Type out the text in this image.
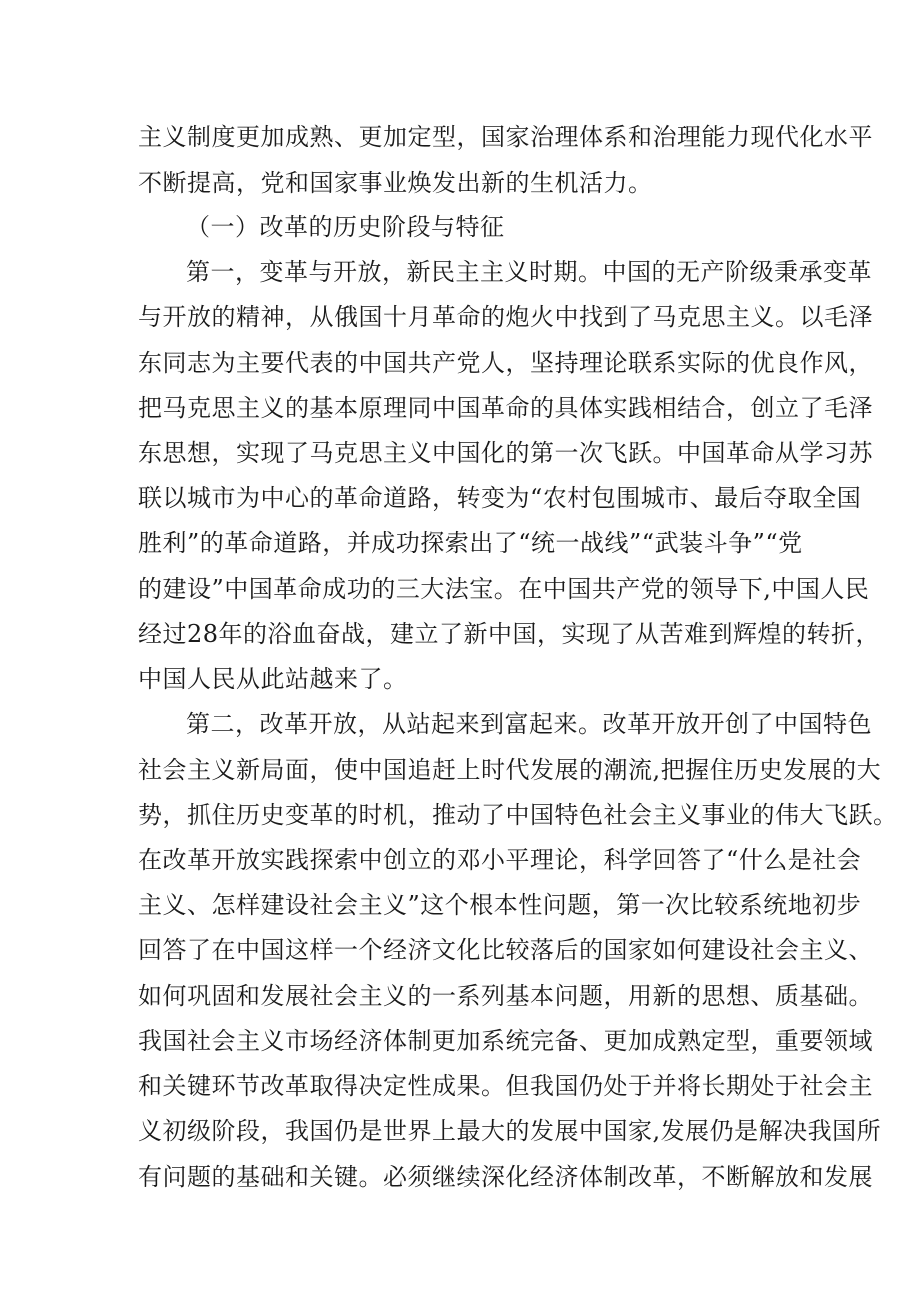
主义制度更加成熟、更加定型，国家治理体系和治理能力现代化水平
不断提高，党和国家事业焕发出新的生机活力。
（一）改革的历史阶段与特征
第一，变革与开放，新民主主义时期。中国的无产阶级秉承变革
与开放的精神，从俄国十月革命的炮火中找到了马克思主义。以毛泽
东同志为主要代表的中国共产党人，坚持理论联系实际的优良作风，
把马克思主义的基本原理同中国革命的具体实践相结合，创立了毛泽
东思想，实现了马克思主义中国化的第一次飞跃。中国革命从学习苏
联以城市为中心的革命道路，转变为“农村包围城市、最后夺取全国
胜利”的革命道路，并成功探索出了“统一战线”“武装斗争”“党
的建设”中国革命成功的三大法宝。在中国共产党的领导下,中国人民
经过28年的浴血奋战，建立了新中国，实现了从苦难到辉煌的转折，
中国人民从此站越来了。
第二，改革开放，从站起来到富起来。改革开放开创了中国特色
社会主义新局面，使中国追赶上时代发展的潮流,把握住历史发展的大
势，抓住历史变革的时机，推动了中国特色社会主义事业的伟大飞跃。
在改革开放实践探索中创立的邓小平理论，科学回答了“什么是社会
主义、怎样建设社会主义”这个根本性问题，第一次比较系统地初步
回答了在中国这样一个经济文化比较落后的国家如何建设社会主义、
如何巩固和发展社会主义的一系列基本问题，用新的思想、质基础。
我国社会主义市场经济体制更加系统完备、更加成熟定型，重要领域
和关键环节改革取得决定性成果。但我国仍处于并将长期处于社会主
义初级阶段，我国仍是世界上最大的发展中国家,发展仍是解决我国所
有问题的基础和关键。必须继续深化经济体制改革，不断解放和发展
